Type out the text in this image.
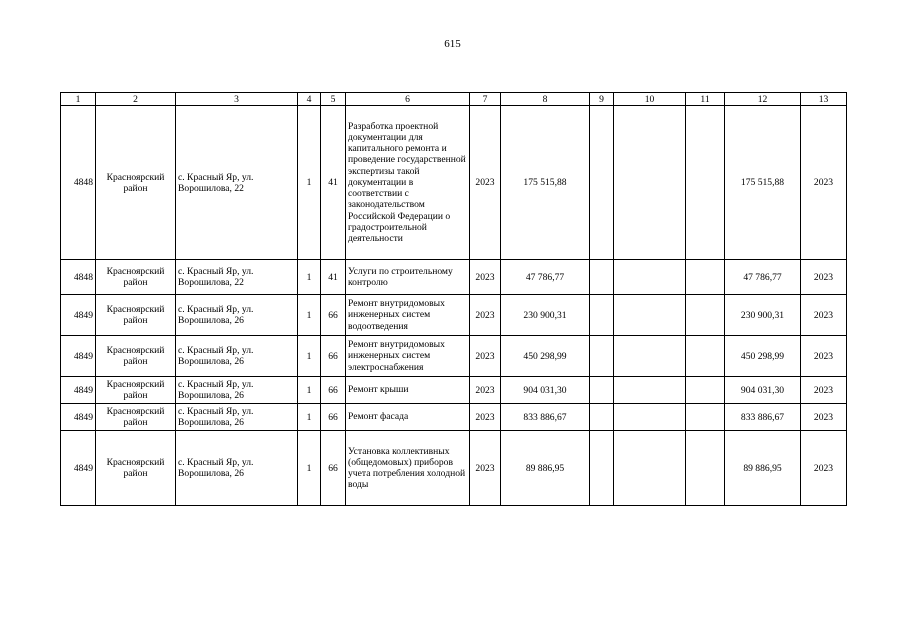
615
1	2	3	4	5	6	7	8	9	10	11	12	13
4848	Красноярский район	с. Красный Яр, ул. Ворошилова, 22	1	41	Разработка проектной документации для капитального ремонта и проведение государственной экспертизы такой документации в соответствии с законодательством Российской Федерации о градостроительной деятельности	2023	175 515,88				175 515,88	2023
4848	Красноярский район	с. Красный Яр, ул. Ворошилова, 22	1	41	Услуги по строительному контролю	2023	47 786,77				47 786,77	2023
4849	Красноярский район	с. Красный Яр, ул. Ворошилова, 26	1	66	Ремонт внутридомовых инженерных систем водоотведения	2023	230 900,31				230 900,31	2023
4849	Красноярский район	с. Красный Яр, ул. Ворошилова, 26	1	66	Ремонт внутридомовых инженерных систем электроснабжения	2023	450 298,99				450 298,99	2023
4849	Красноярский район	с. Красный Яр, ул. Ворошилова, 26	1	66	Ремонт крыши	2023	904 031,30				904 031,30	2023
4849	Красноярский район	с. Красный Яр, ул. Ворошилова, 26	1	66	Ремонт фасада	2023	833 886,67				833 886,67	2023
4849	Красноярский район	с. Красный Яр, ул. Ворошилова, 26	1	66	Установка коллективных (общедомовых) приборов учета потребления холодной воды	2023	89 886,95				89 886,95	2023
